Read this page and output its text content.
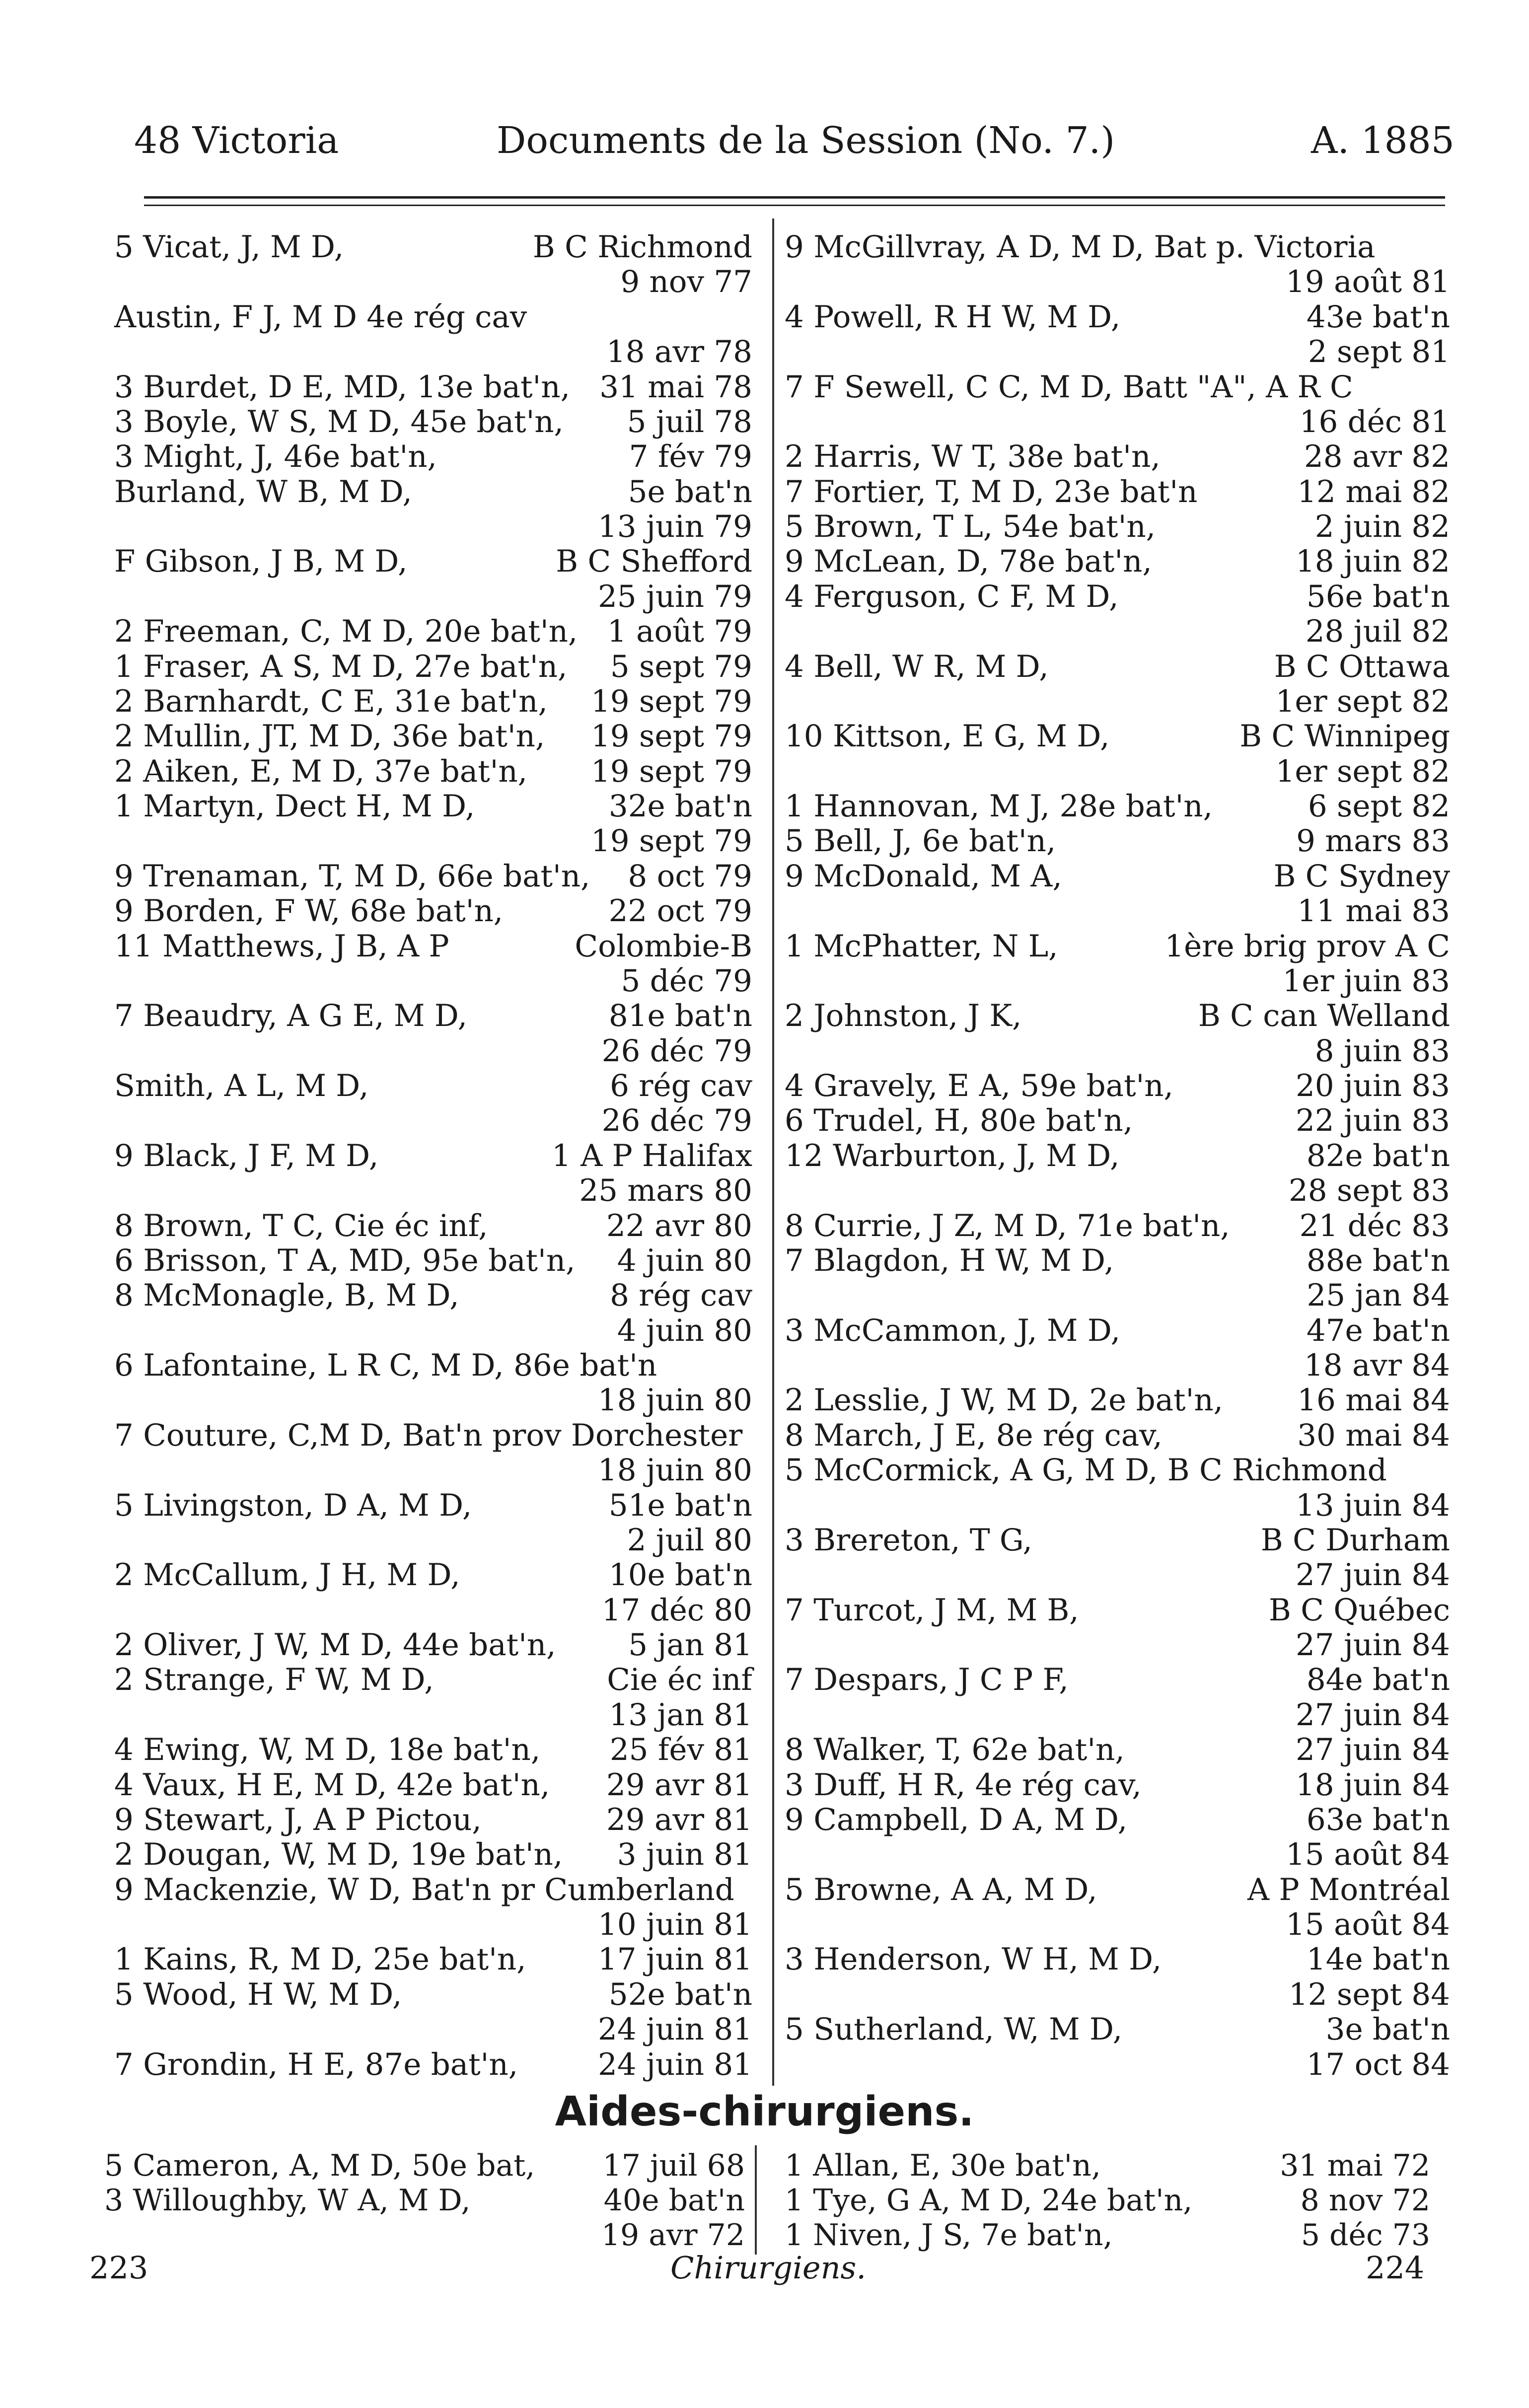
48 Victoria	Documents de la Session (No. 7.)	A. 1885
5 Vicat, J, M D,	B C Richmond
9 nov 77
Austin, F J, M D 4e rég cav
18 avr 78
3 Burdet, D E, MD, 13e bat'n, 31 mai 78
3 Boyle, W S, M D, 45e bat'n, 5 juil 78
3 Might, J, 46e bat'n,	7 fév 79
Burland, W B, M D,	5e bat'n
13 juin 79
F Gibson, J B, M D,	B C Shefford
25 juin 79
2 Freeman, C, M D, 20e bat'n, 1 août 79
1 Fraser, A S, M D, 27e bat'n, 5 sept 79
2 Barnhardt, C E, 31e bat'n, 19 sept 79
2 Mullin, JT, M D, 36e bat'n, 19 sept 79
2 Aiken, E, M D, 37e bat'n, 19 sept 79
1 Martyn, Dect H, M D,	32e bat'n
19 sept 79
9 Trenaman, T, M D, 66e bat'n, 8 oct 79
9 Borden, F W, 68e bat'n,	22 oct 79
11 Matthews, J B, A P	Colombie-B
5 déc 79
7 Beaudry, A G E, M D,	81e bat'n
26 déc 79
Smith, A L, M D,	6 rég cav
26 déc 79
9 Black, J F, M D,	1 A P Halifax
25 mars 80
8 Brown, T C, Cie éc inf,	22 avr 80
6 Brisson, T A, MD, 95e bat'n, 4 juin 80
8 McMonagle, B, M D,	8 rég cav
4 juin 80
6 Lafontaine, L R C, M D, 86e bat'n
18 juin 80
7 Couture, C,M D, Bat'n prov Dorchester
18 juin 80
5 Livingston, D A, M D,	51e bat'n
2 juil 80
2 McCallum, J H, M D,	10e bat'n
17 déc 80
2 Oliver, J W, M D, 44e bat'n, 5 jan 81
2 Strange, F W, M D,	Cie éc inf
13 jan 81
4 Ewing, W, M D, 18e bat'n, 25 fév 81
4 Vaux, H E, M D, 42e bat'n, 29 avr 81
9 Stewart, J, A P Pictou,	29 avr 81
2 Dougan, W, M D, 19e bat'n, 3 juin 81
9 Mackenzie, W D, Bat'n pr Cumberland
10 juin 81
1 Kains, R, M D, 25e bat'n, 17 juin 81
5 Wood, H W, M D,	52e bat'n
24 juin 81
7 Grondin, H E, 87e bat'n,	24 juin 81
9 McGillvray, A D, M D, Bat p. Victoria
19 août 81
4 Powell, R H W, M D,	43e bat'n
2 sept 81
7 F Sewell, C C, M D, Batt "A", A R C
16 déc 81
2 Harris, W T, 38e bat'n,	28 avr 82
7 Fortier, T, M D, 23e bat'n	12 mai 82
5 Brown, T L, 54e bat'n,	2 juin 82
9 McLean, D, 78e bat'n,	18 juin 82
4 Ferguson, C F, M D,	56e bat'n
28 juil 82
4 Bell, W R, M D,	B C Ottawa
1er sept 82
10 Kittson, E G, M D,	B C Winnipeg
1er sept 82
1 Hannovan, M J, 28e bat'n,	6 sept 82
5 Bell, J, 6e bat'n,	9 mars 83
9 McDonald, M A,	B C Sydney
11 mai 83
1 McPhatter, N L,	1ère brig prov A C
1er juin 83
2 Johnston, J K,	B C can Welland
8 juin 83
4 Gravely, E A, 59e bat'n,	20 juin 83
6 Trudel, H, 80e bat'n,	22 juin 83
12 Warburton, J, M D,	82e bat'n
28 sept 83
8 Currie, J Z, M D, 71e bat'n, 21 déc 83
7 Blagdon, H W, M D,	88e bat'n
25 jan 84
3 McCammon, J, M D,	47e bat'n
18 avr 84
2 Lesslie, J W, M D, 2e bat'n, 16 mai 84
8 March, J E, 8e rég cav,	30 mai 84
5 McCormick, A G, M D, B C Richmond
13 juin 84
3 Brereton, T G,	B C Durham
27 juin 84
7 Turcot, J M, M B,	B C Québec
27 juin 84
7 Despars, J C P F,	84e bat'n
27 juin 84
8 Walker, T, 62e bat'n,	27 juin 84
3 Duff, H R, 4e rég cav,	18 juin 84
9 Campbell, D A, M D,	63e bat'n
15 août 84
5 Browne, A A, M D,	A P Montréal
15 août 84
3 Henderson, W H, M D,	14e bat'n
12 sept 84
5 Sutherland, W, M D,	3e bat'n
17 oct 84
Aides-chirurgiens.
5 Cameron, A, M D, 50e bat, 17 juil 68
3 Willoughby, W A, M D,	40e bat'n
19 avr 72
1 Allan, E, 30e bat'n,	31 mai 72
1 Tye, G A, M D, 24e bat'n,	8 nov 72
1 Niven, J S, 7e bat'n,	5 déc 73
223	Chirurgiens.	224
